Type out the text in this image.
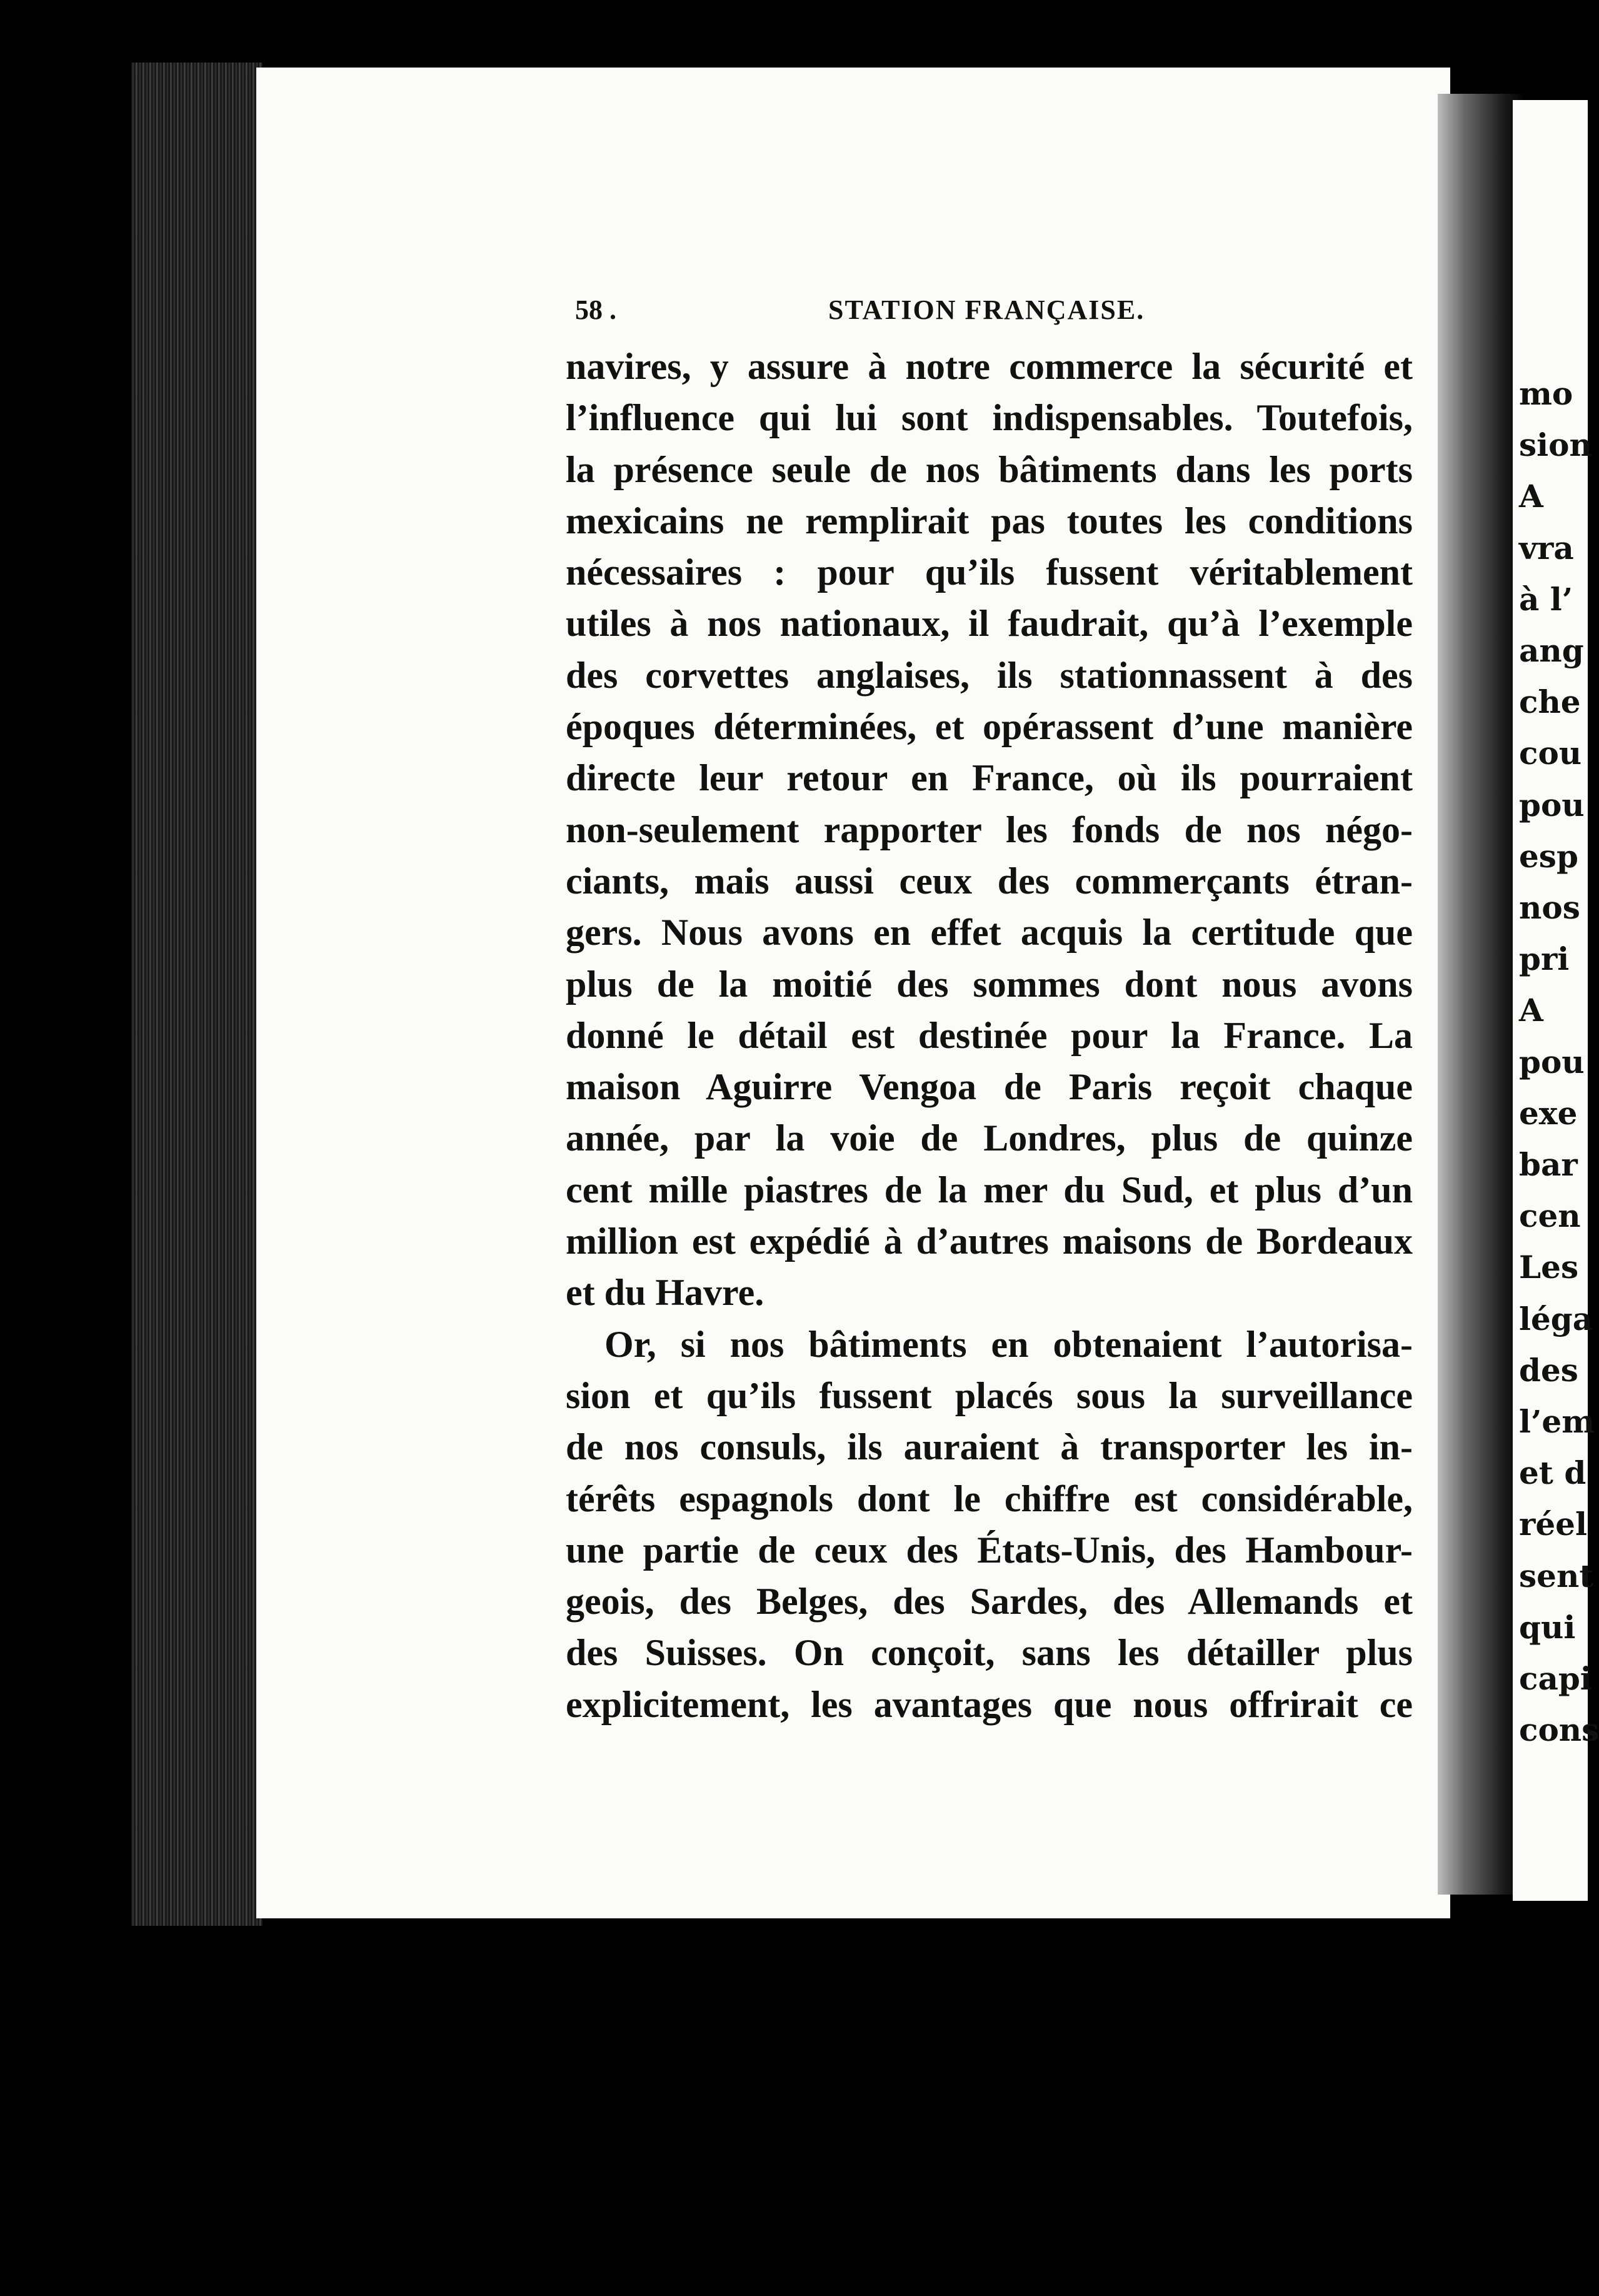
58 .	STATION FRANÇAISE.
navires, y assure à notre commerce la sécurité et
l’influence qui lui sont indispensables. Toutefois,
la présence seule de nos bâtiments dans les ports
mexicains ne remplirait pas toutes les conditions
nécessaires : pour qu’ils fussent véritablement
utiles à nos nationaux, il faudrait, qu’à l’exemple
des corvettes anglaises, ils stationnassent à des
époques déterminées, et opérassent d’une manière
directe leur retour en France, où ils pourraient
non-seulement rapporter les fonds de nos négo-
ciants, mais aussi ceux des commerçants étran-
gers. Nous avons en effet acquis la certitude que
plus de la moitié des sommes dont nous avons
donné le détail est destinée pour la France. La
maison Aguirre Vengoa de Paris reçoit chaque
année, par la voie de Londres, plus de quinze
cent mille piastres de la mer du Sud, et plus d’un
million est expédié à d’autres maisons de Bordeaux
et du Havre.
Or, si nos bâtiments en obtenaient l’autorisa-
sion et qu’ils fussent placés sous la surveillance
de nos consuls, ils auraient à transporter les in-
térêts espagnols dont le chiffre est considérable,
une partie de ceux des États-Unis, des Hambour-
geois, des Belges, des Sardes, des Allemands et
des Suisses. On conçoit, sans les détailler plus
explicitement, les avantages que nous offrirait ce
mo
sion
A
vra
à l’
ang
che
cou
pou
esp
nos
pri
A
pou
exe
bar
cen
Les
léga
des
l’em
et d
réel
sent
qui
capi
cons
